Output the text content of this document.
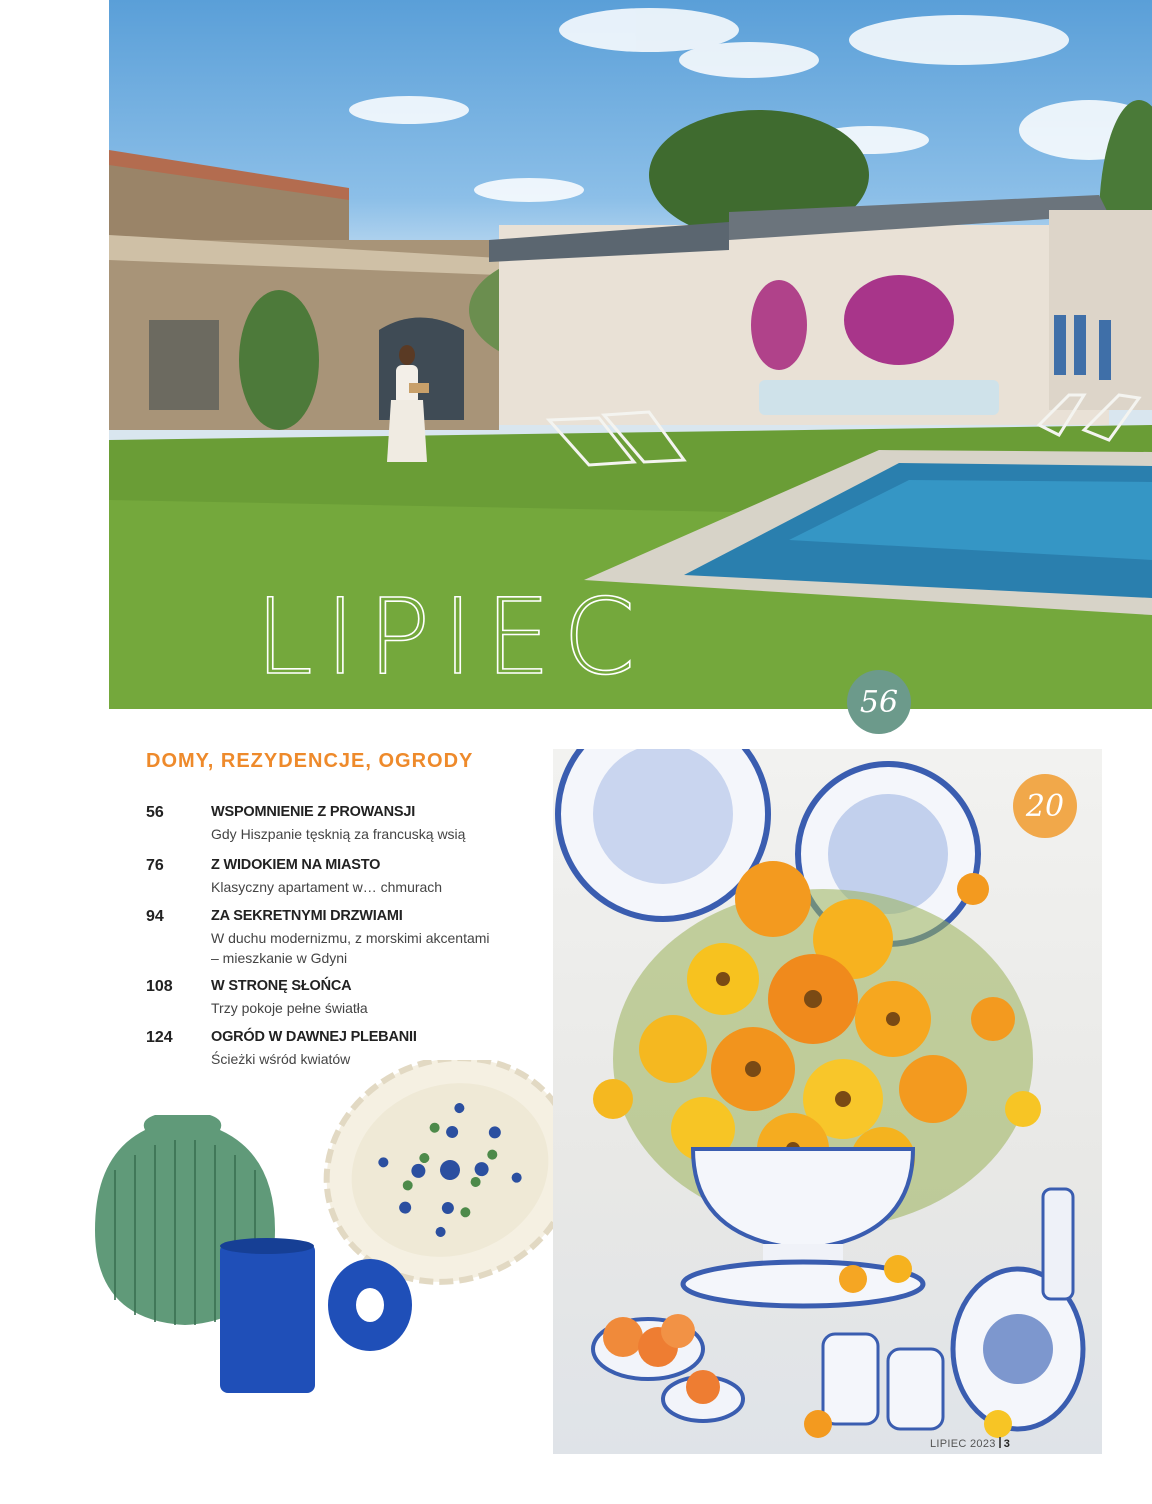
LIPIEC
56
DOMY, REZYDENCJE, OGRODY
56	WSPOMNIENIE Z PROWANSJI
Gdy Hiszpanie tęsknią za francuską wsią
76	Z WIDOKIEM NA MIASTO
Klasyczny apartament w… chmurach
94	ZA SEKRETNYMI DRZWIAMI
W duchu modernizmu, z morskimi akcentami
– mieszkanie w Gdyni
108	W STRONĘ SŁOŃCA
Trzy pokoje pełne światła
124	OGRÓD W DAWNEJ PLEBANII
Ścieżki wśród kwiatów
20
LIPIEC 2023 3
